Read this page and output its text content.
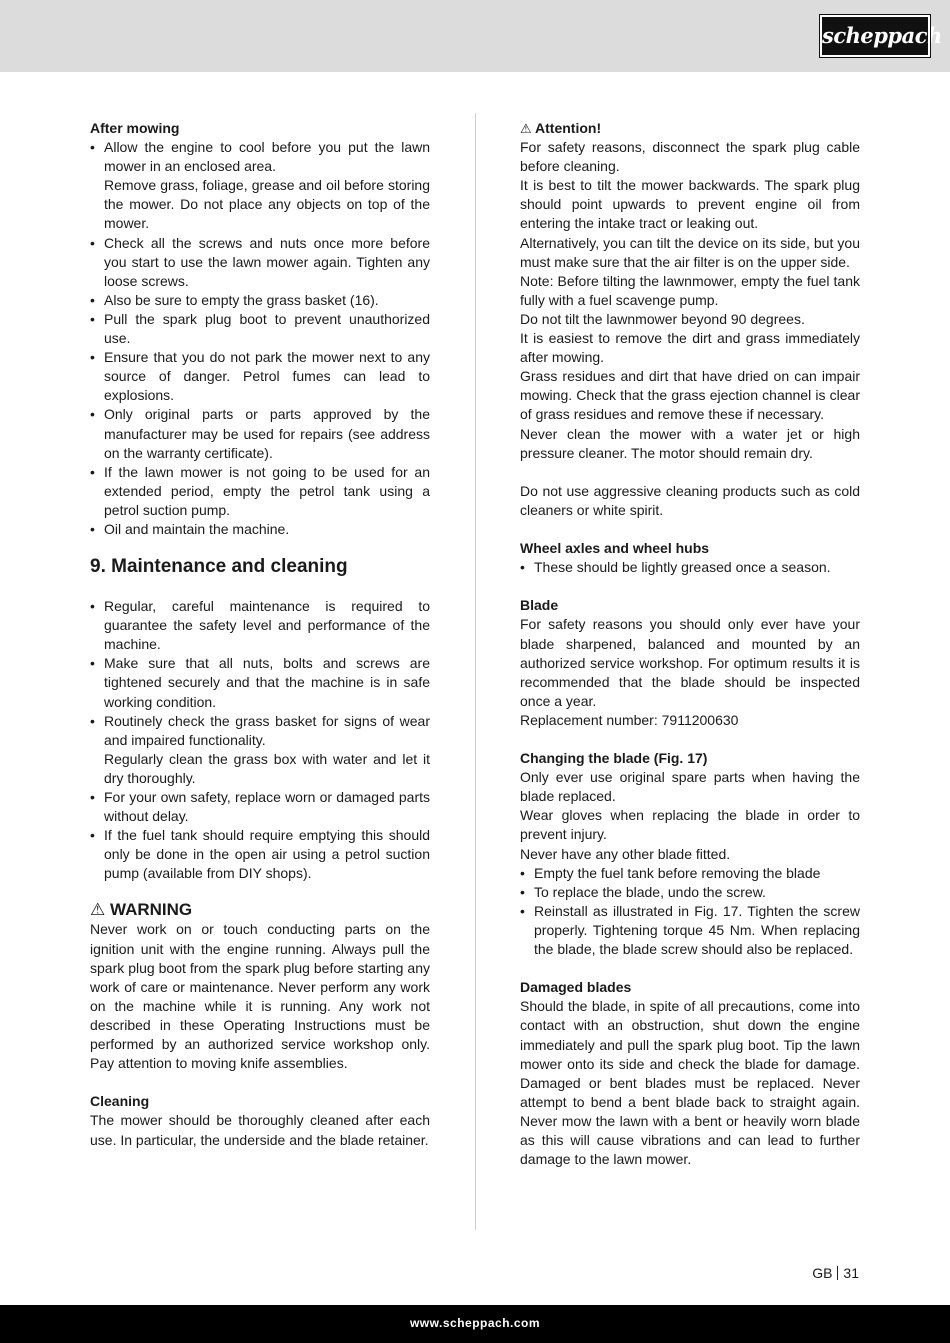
scheppach

After mowing

• Allow the engine to cool before you put the lawn mower in an enclosed area.
Remove grass, foliage, grease and oil before storing the mower. Do not place any objects on top of the mower.
• Check all the screws and nuts once more before you start to use the lawn mower again. Tighten any loose screws.
• Also be sure to empty the grass basket (16).
• Pull the spark plug boot to prevent unauthorized use.
• Ensure that you do not park the mower next to any source of danger. Petrol fumes can lead to explosions.
• Only original parts or parts approved by the manufacturer may be used for repairs (see address on the warranty certificate).
• If the lawn mower is not going to be used for an extended period, empty the petrol tank using a petrol suction pump.
• Oil and maintain the machine.
9. Maintenance and cleaning
• Regular, careful maintenance is required to guarantee the safety level and performance of the machine.
• Make sure that all nuts, bolts and screws are tightened securely and that the machine is in safe working condition.
• Routinely check the grass basket for signs of wear and impaired functionality.
Regularly clean the grass box with water and let it dry thoroughly.
• For your own safety, replace worn or damaged parts without delay.
• If the fuel tank should require emptying this should only be done in the open air using a petrol suction pump (available from DIY shops).
⚠ WARNING

Never work on or touch conducting parts on the ignition unit with the engine running. Always pull the spark plug boot from the spark plug before starting any work of care or maintenance. Never perform any work on the machine while it is running. Any work not described in these Operating Instructions must be performed by an authorized service workshop only. Pay attention to moving knife assemblies.

Cleaning

The mower should be thoroughly cleaned after each use. In particular, the underside and the blade retainer.

⚠ Attention!

For safety reasons, disconnect the spark plug cable before cleaning.

It is best to tilt the mower backwards. The spark plug should point upwards to prevent engine oil from entering the intake tract or leaking out.

Alternatively, you can tilt the device on its side, but you must make sure that the air filter is on the upper side.

Note: Before tilting the lawnmower, empty the fuel tank fully with a fuel scavenge pump.

Do not tilt the lawnmower beyond 90 degrees.

It is easiest to remove the dirt and grass immediately after mowing.

Grass residues and dirt that have dried on can impair mowing. Check that the grass ejection channel is clear of grass residues and remove these if necessary.

Never clean the mower with a water jet or high pressure cleaner. The motor should remain dry.

Do not use aggressive cleaning products such as cold cleaners or white spirit.

Wheel axles and wheel hubs

• These should be lightly greased once a season.

Blade

For safety reasons you should only ever have your blade sharpened, balanced and mounted by an authorized service workshop. For optimum results it is recommended that the blade should be inspected once a year.

Replacement number: 7911200630

Changing the blade (Fig. 17)

Only ever use original spare parts when having the blade replaced.

Wear gloves when replacing the blade in order to prevent injury.

Never have any other blade fitted.

• Empty the fuel tank before removing the blade
• To replace the blade, undo the screw.
• Reinstall as illustrated in Fig. 17. Tighten the screw properly. Tightening torque 45 Nm. When replacing the blade, the blade screw should also be replaced.

Damaged blades

Should the blade, in spite of all precautions, come into contact with an obstruction, shut down the engine immediately and pull the spark plug boot. Tip the lawn mower onto its side and check the blade for damage. Damaged or bent blades must be replaced. Never attempt to bend a bent blade back to straight again. Never mow the lawn with a bent or heavily worn blade as this will cause vibrations and can lead to further damage to the lawn mower.

GB 31
www.scheppach.com
